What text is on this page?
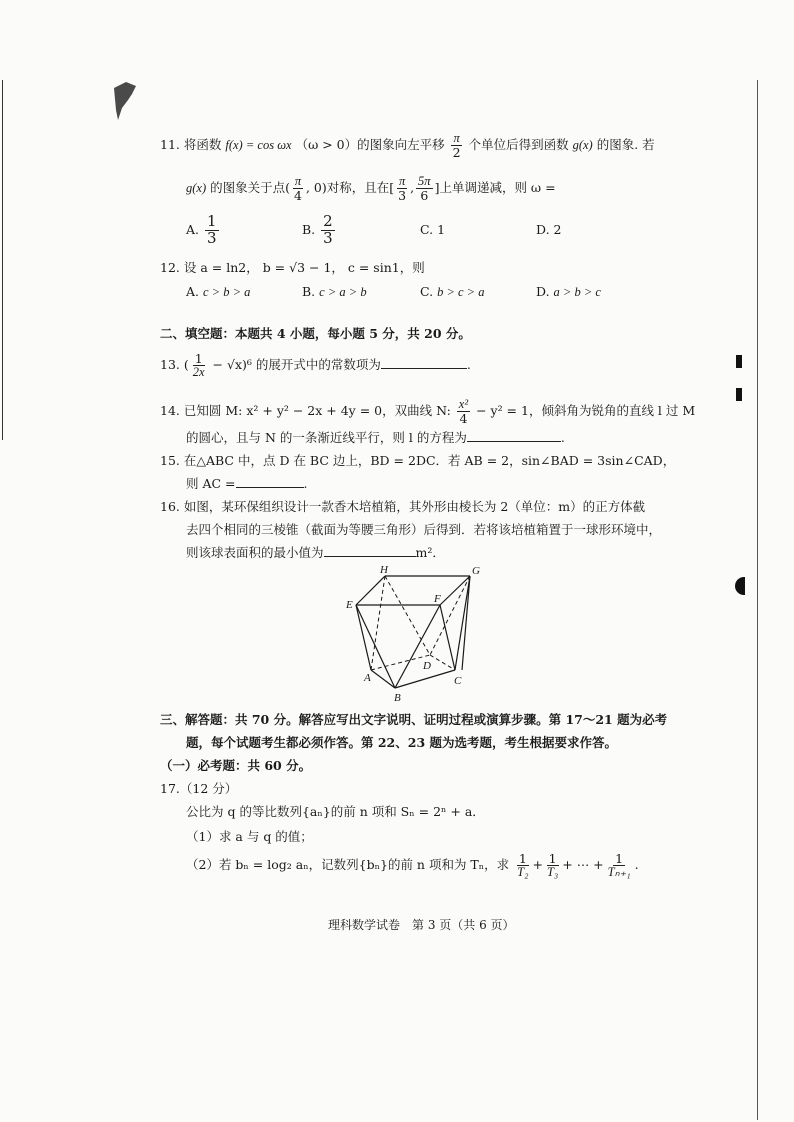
11. 将函数 f(x) = cos ωx （ω > 0）的图象向左平移 $\frac{\pi}{2}$ 个单位后得到函数 g(x) 的图象. 若
g(x) 的图象关于点( $\frac{\pi}{4}$ , 0)对称，且在[ $\frac{\pi}{3}$ , $\frac{5\pi}{6}$ ]上单调递减，则 ω =
A. $\frac{1}{3}$	B. $\frac{2}{3}$	C. 1	D. 2
12. 设 a = ln2， b = √3 − 1， c = sin1，则
A. c > b > a	B. c > a > b	C. b > c > a	D. a > b > c
二、填空题：本题共 4 小题，每小题 5 分，共 20 分。
13. ( $\frac{1}{2x} - √x)^6$ 的展开式中的常数项为	.
14. 已知圆 M: x² + y² − 2x + 4y = 0，双曲线 N: $\frac{\text{x²}}{4} - y^2 = 1$，倾斜角为锐角的直线 l 过 M
的圆心，且与 N 的一条渐近线平行，则 l 的方程为	.
15. 在△ABC 中，点 D 在 BC 边上，BD = 2DC．若 AB = 2，sin∠BAD = 3sin∠CAD，
则 AC =	.
16. 如图，某环保组织设计一款香木培植箱，其外形由棱长为 2（单位：m）的正方体截
去四个相同的三棱锥（截面为等腰三角形）后得到．若将该培植箱置于一球形环境中，
则该球表面积的最小值为	m²．
H	G
E	F
D
A
B
C
三、解答题：共 70 分。解答应写出文字说明、证明过程或演算步骤。第 17～21 题为必考
题，每个试题考生都必须作答。第 22、23 题为选考题，考生根据要求作答。
（一）必考题：共 60 分。
17.（12 分）
公比为 q 的等比数列{aₙ}的前 n 项和 Sₙ = 2ⁿ + a．
（1）求 a 与 q 的值；
（2）若 bₙ = log₂ aₙ，记数列{bₙ}的前 n 项和为 Tₙ，求 $\frac{1}{\text{T₂}} + \frac{1}{\text{T₃}}$ + ⋯ + $\frac{1}{\text{Tₙ₊₁}}$ .
理科数学试卷　第 3 页（共 6 页）
